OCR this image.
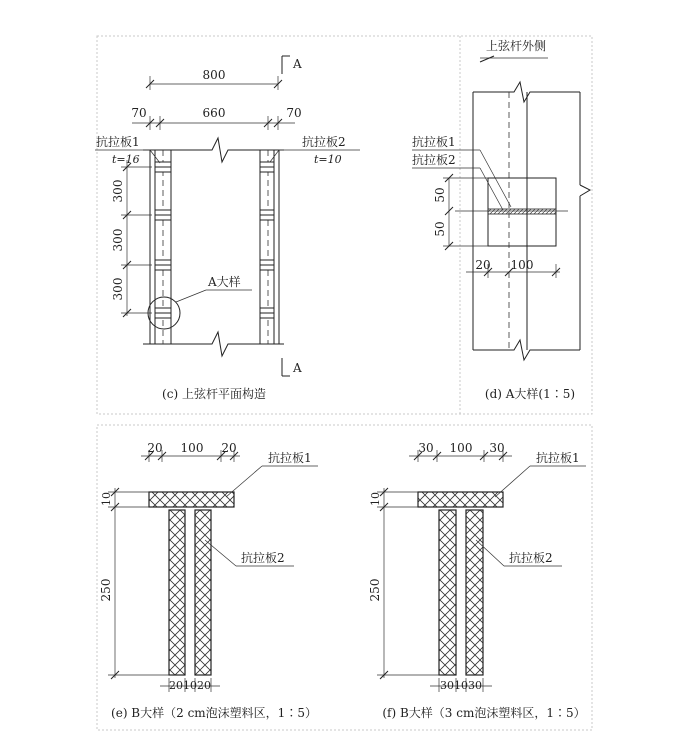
800
70	660	70
A
A
A大样
抗拉板1
t=16
抗拉板2
t=10
300
300
300
(c) 上弦杆平面构造
上弦杆外侧
抗拉板1
抗拉板2
50
50
20 100
(d) A大样(1∶5)
20 100 20
10
250
201020
抗拉板1
抗拉板2
(e) B大样（2 cm泡沫塑料区，1∶5）
30 100 30
10
250
301030
抗拉板1
抗拉板2
(f) B大样（3 cm泡沫塑料区，1∶5）
